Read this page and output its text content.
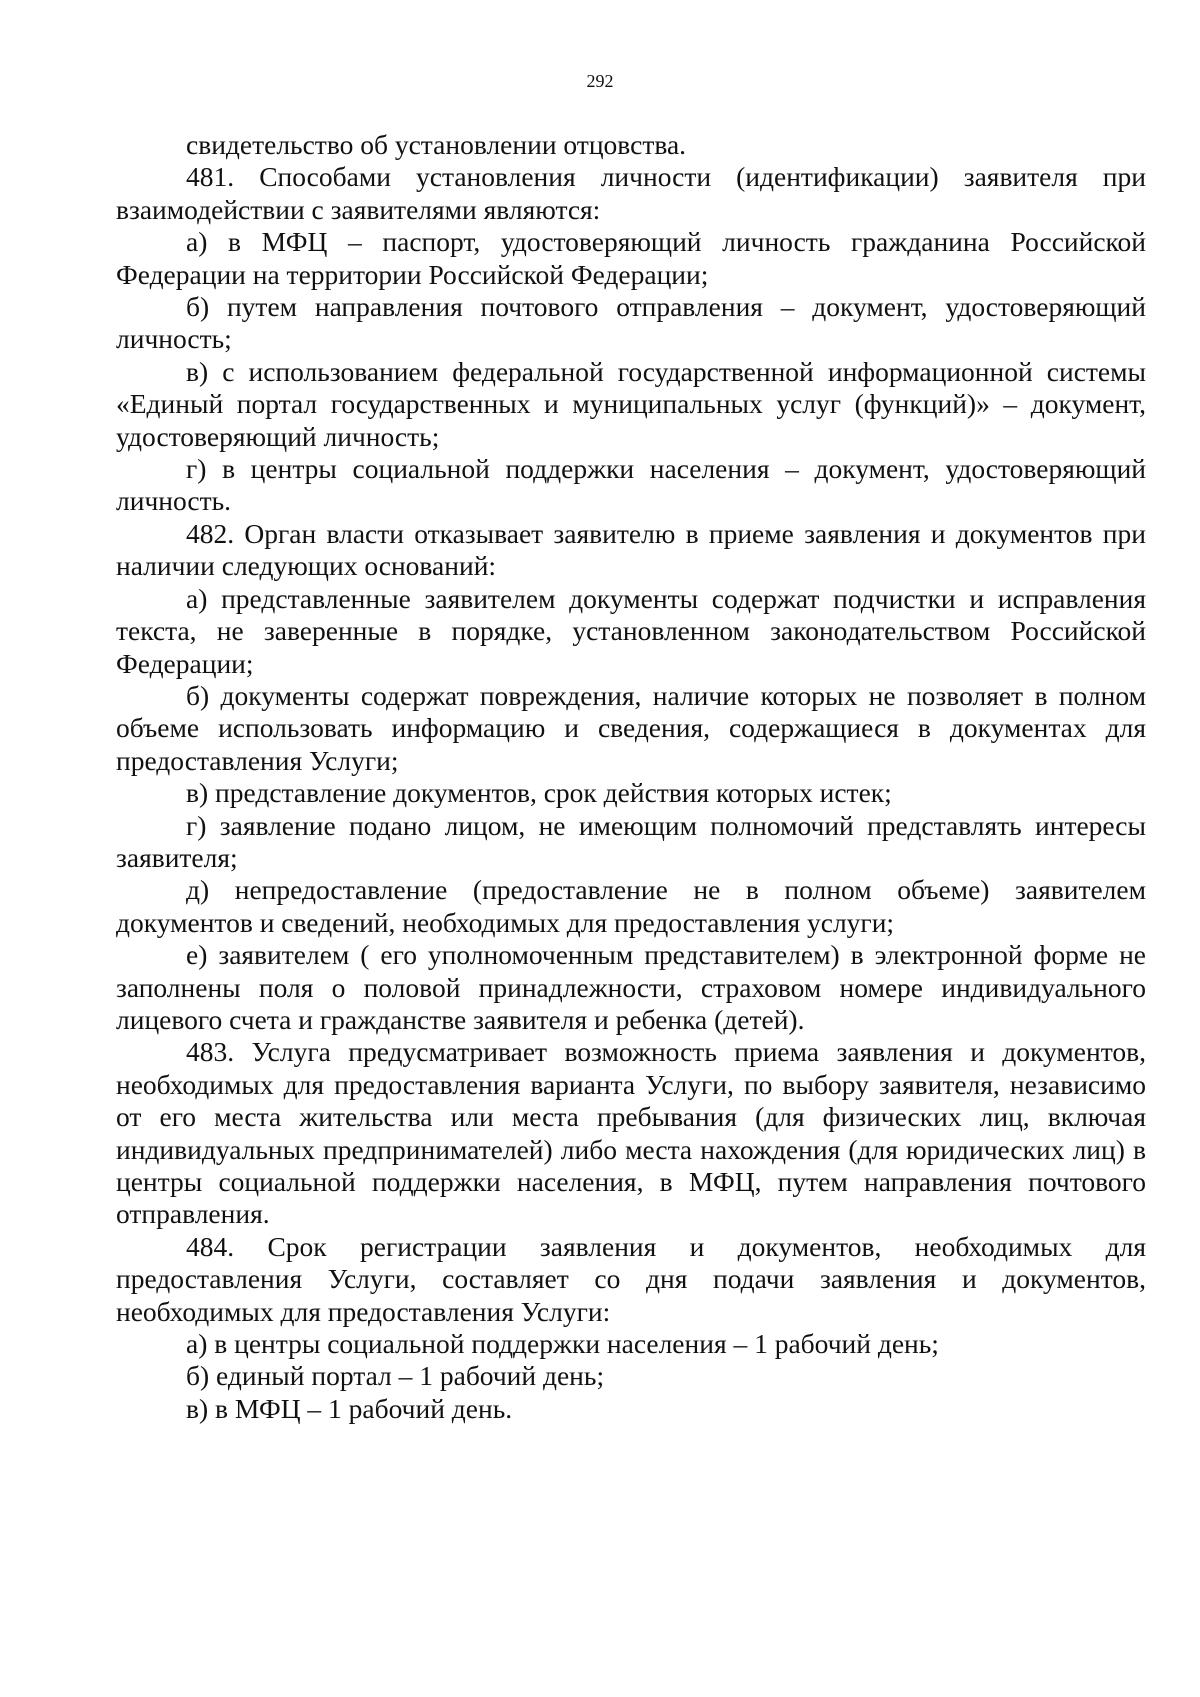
292

свидетельство об установлении отцовства.

481. Способами установления личности (идентификации) заявителя при взаимодействии с заявителями являются:

а) в МФЦ – паспорт, удостоверяющий личность гражданина Российской Федерации на территории Российской Федерации;

б) путем направления почтового отправления – документ, удостоверяющий личность;

в) с использованием федеральной государственной информационной системы «Единый портал государственных и муниципальных услуг (функций)» – документ, удостоверяющий личность;

г) в центры социальной поддержки населения – документ, удостоверяющий личность.

482. Орган власти отказывает заявителю в приеме заявления и документов при наличии следующих оснований:

а) представленные заявителем документы содержат подчистки и исправления текста, не заверенные в порядке, установленном законодательством Российской Федерации;

б) документы содержат повреждения, наличие которых не позволяет в полном объеме использовать информацию и сведения, содержащиеся в документах для предоставления Услуги;

в) представление документов, срок действия которых истек;

г) заявление подано лицом, не имеющим полномочий представлять интересы заявителя;

д) непредоставление (предоставление не в полном объеме) заявителем документов и сведений, необходимых для предоставления услуги;

е) заявителем ( его уполномоченным представителем) в электронной форме не заполнены поля о половой принадлежности, страховом номере индивидуального лицевого счета и гражданстве заявителя и ребенка (детей).

483. Услуга предусматривает возможность приема заявления и документов, необходимых для предоставления варианта Услуги, по выбору заявителя, независимо от его места жительства или места пребывания (для физических лиц, включая индивидуальных предпринимателей) либо места нахождения (для юридических лиц) в центры социальной поддержки населения, в МФЦ, путем направления почтового отправления.

484. Срок регистрации заявления и документов, необходимых для предоставления Услуги, составляет со дня подачи заявления и документов, необходимых для предоставления Услуги:

а) в центры социальной поддержки населения – 1 рабочий день;

б) единый портал – 1 рабочий день;

в) в МФЦ – 1 рабочий день.
